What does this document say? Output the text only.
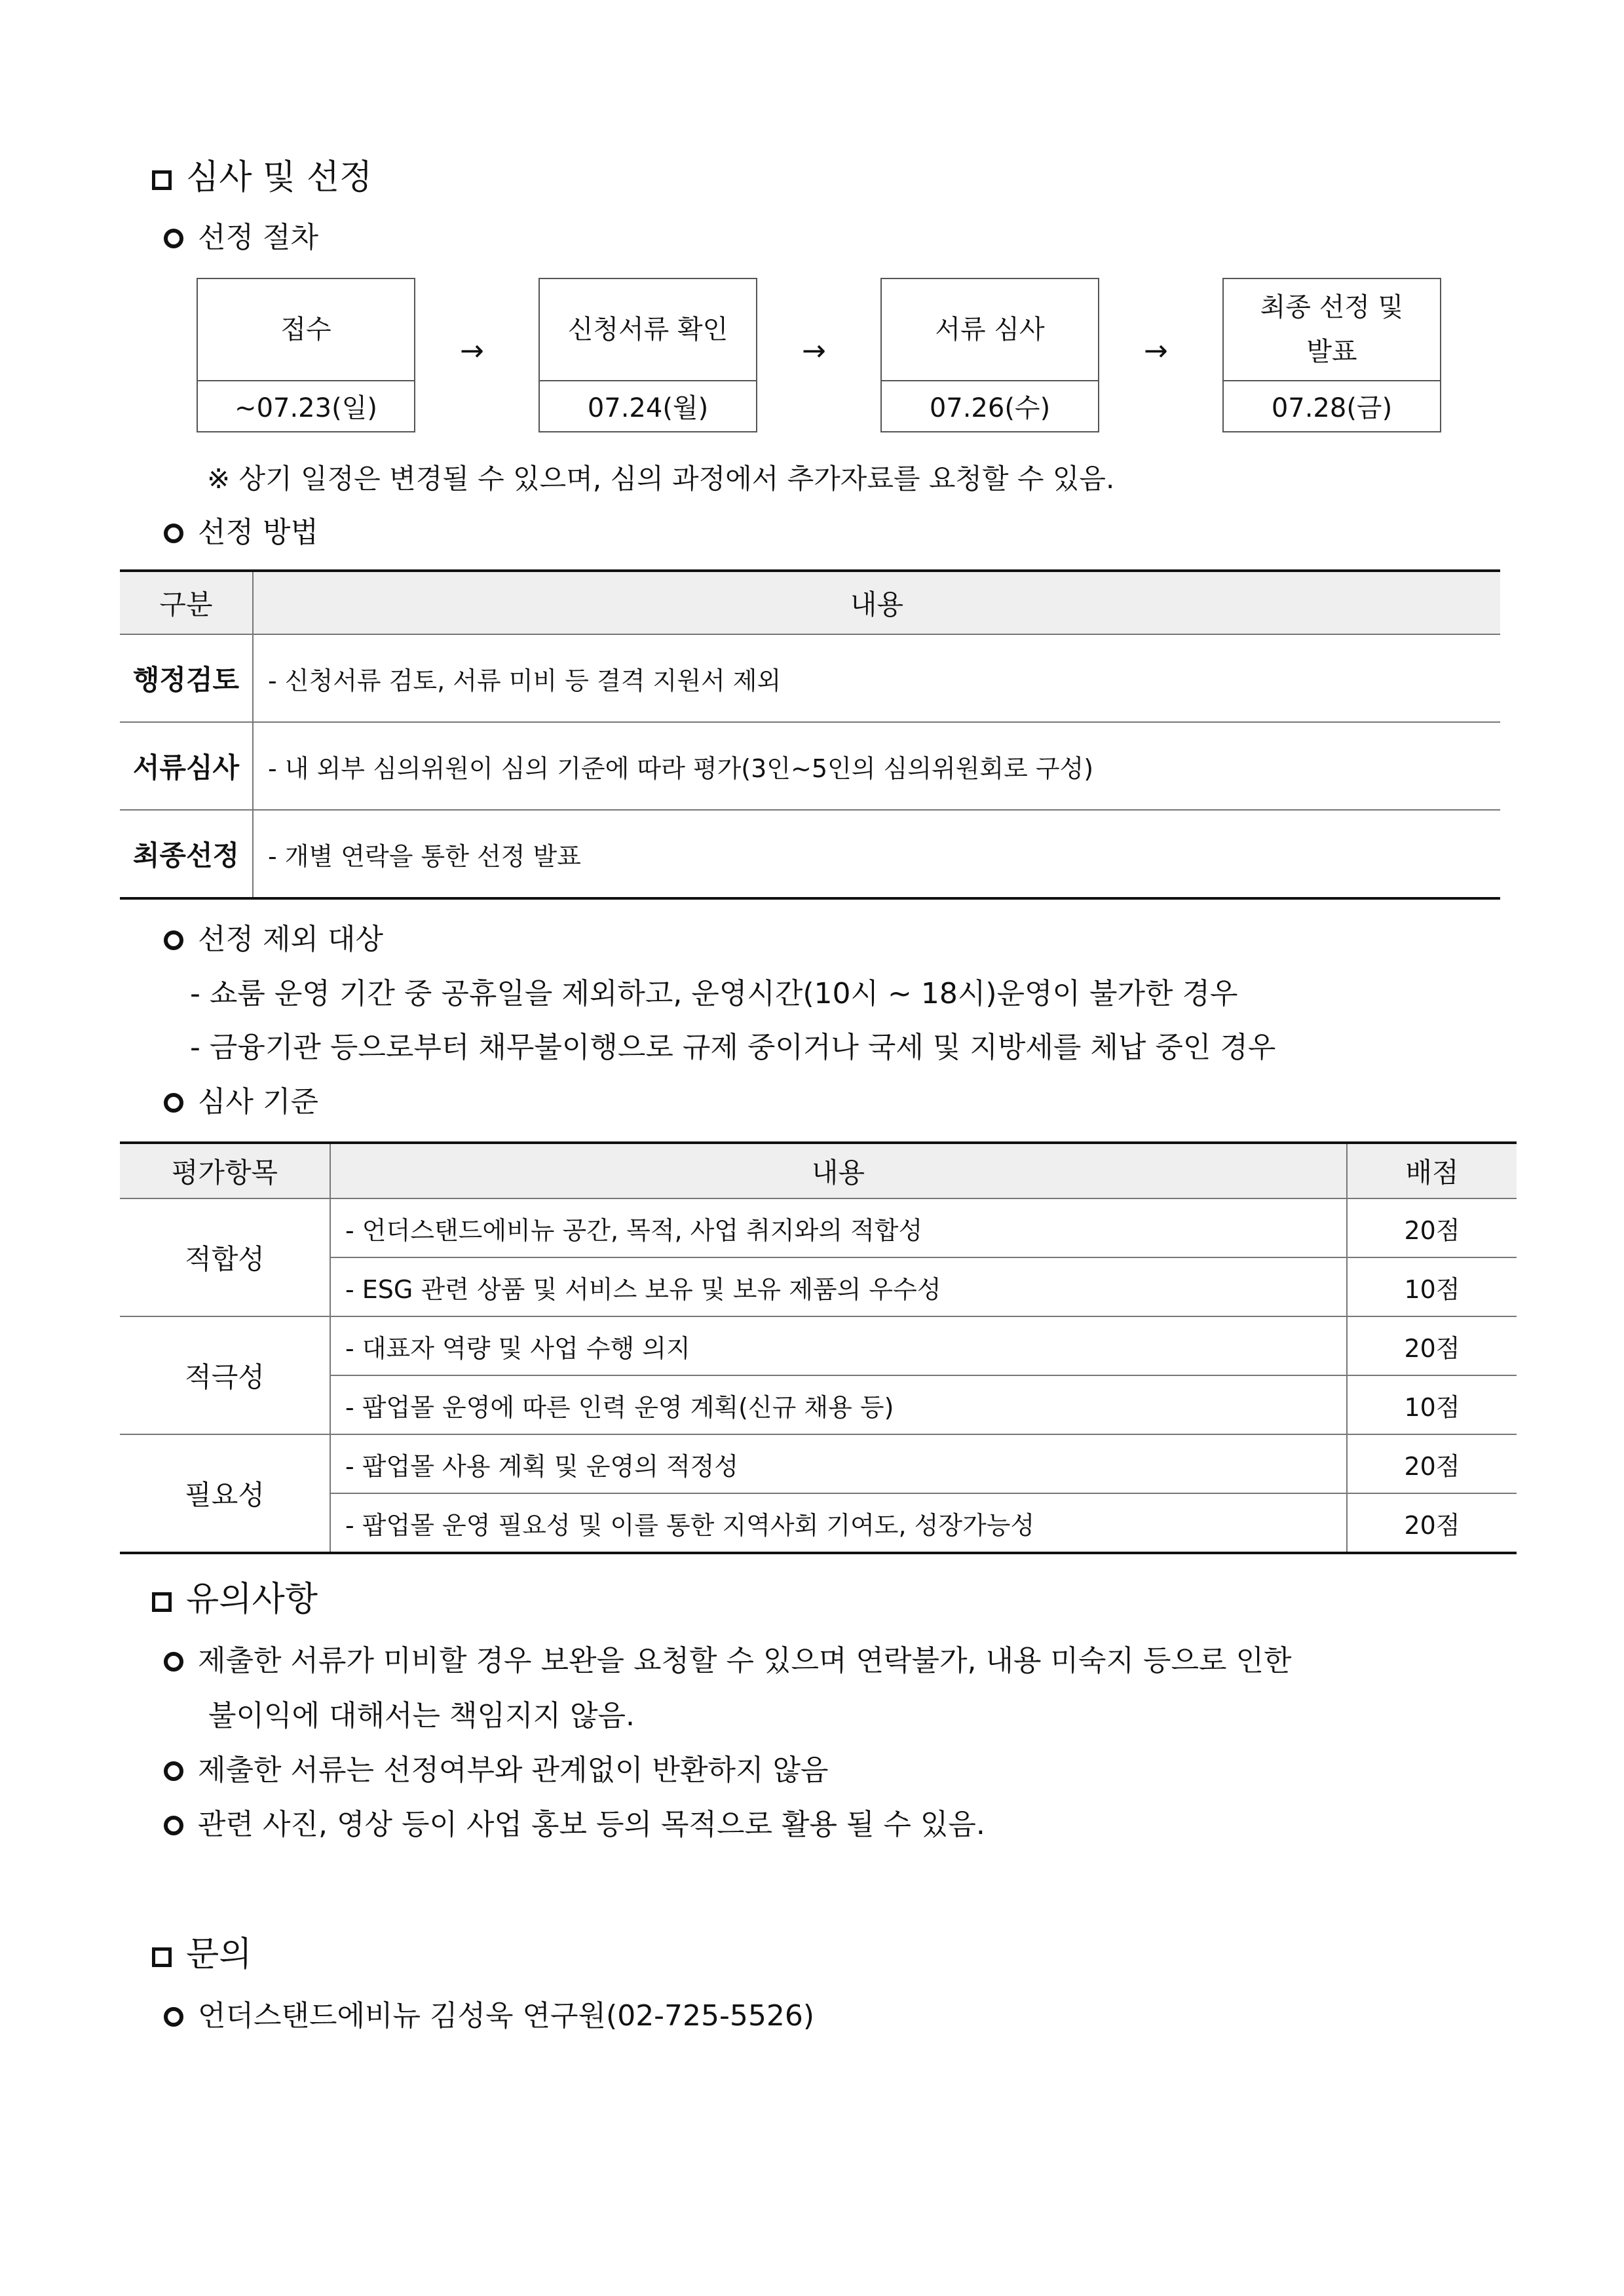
심사 및 선정
선정 절차
접수
~07.23(일)
→
신청서류 확인
07.24(월)
→
서류 심사
07.26(수)
→
최종 선정 및
발표
07.28(금)
※ 상기 일정은 변경될 수 있으며, 심의 과정에서 추가자료를 요청할 수 있음.
선정 방법
구분	내용
행정검토	- 신청서류 검토, 서류 미비 등 결격 지원서 제외
서류심사	- 내 외부 심의위원이 심의 기준에 따라 평가(3인~5인의 심의위원회로 구성)
최종선정	- 개별 연락을 통한 선정 발표
선정 제외 대상
- 쇼룸 운영 기간 중 공휴일을 제외하고, 운영시간(10시 ~ 18시)운영이 불가한 경우
- 금융기관 등으로부터 채무불이행으로 규제 중이거나 국세 및 지방세를 체납 중인 경우
심사 기준
평가항목	내용	배점
적합성	- 언더스탠드에비뉴 공간, 목적, 사업 취지와의 적합성	20점
	- ESG 관련 상품 및 서비스 보유 및 보유 제품의 우수성	10점
적극성	- 대표자 역량 및 사업 수행 의지	20점
	- 팝업몰 운영에 따른 인력 운영 계획(신규 채용 등)	10점
필요성	- 팝업몰 사용 계획 및 운영의 적정성	20점
	- 팝업몰 운영 필요성 및 이를 통한 지역사회 기여도, 성장가능성	20점
유의사항
제출한 서류가 미비할 경우 보완을 요청할 수 있으며 연락불가, 내용 미숙지 등으로 인한
불이익에 대해서는 책임지지 않음.
제출한 서류는 선정여부와 관계없이 반환하지 않음
관련 사진, 영상 등이 사업 홍보 등의 목적으로 활용 될 수 있음.
문의
언더스탠드에비뉴 김성욱 연구원(02-725-5526)
